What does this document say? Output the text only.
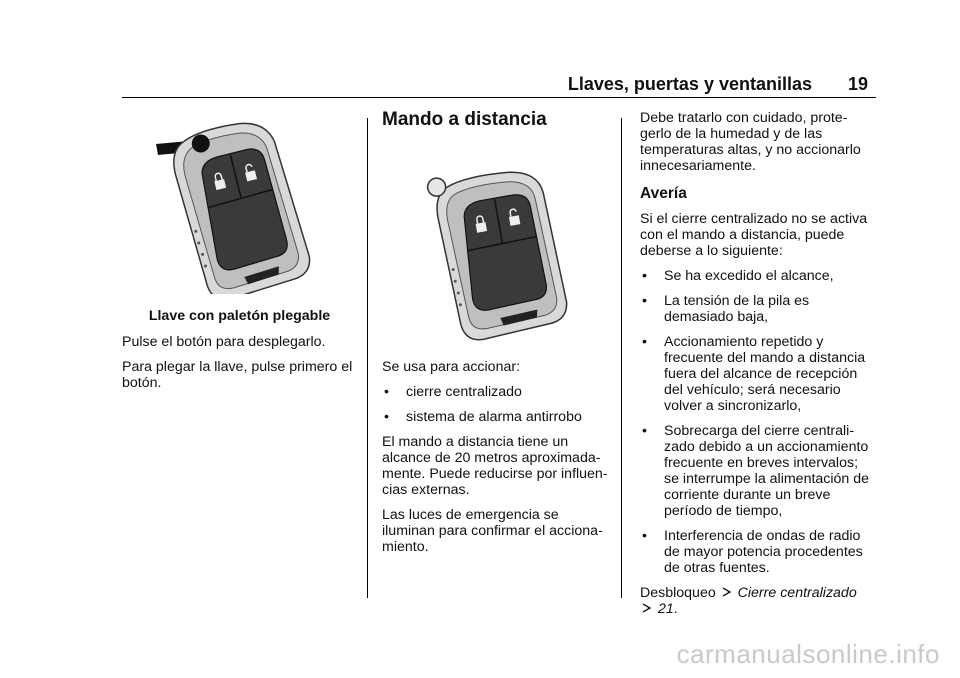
Llaves, puertas y ventanillas 19

Llave con paletón plegable

Pulse el botón para desplegarlo.

Para plegar la llave, pulse primero el botón.

Mando a distancia

Se usa para accionar:

• cierre centralizado
• sistema de alarma antirrobo

El mando a distancia tiene un alcance de 20 metros aproximada-mente. Puede reducirse por influen-cias externas.

Las luces de emergencia se iluminan para confirmar el acciona-miento.

Debe tratarlo con cuidado, prote-gerlo de la humedad y de las temperaturas altas, y no accionarlo innecesariamente.

Avería

Si el cierre centralizado no se activa con el mando a distancia, puede deberse a lo siguiente:

• Se ha excedido el alcance,
• La tensión de la pila es demasiado baja,
• Accionamiento repetido y frecuente del mando a distancia fuera del alcance de recepción del vehículo; será necesario volver a sincronizarlo,
• Sobrecarga del cierre centrali-zado debido a un accionamiento frecuente en breves intervalos; se interrumpe la alimentación de corriente durante un breve período de tiempo,
• Interferencia de ondas de radio de mayor potencia procedentes de otras fuentes.

Desbloqueo Cierre centralizado
21.

carmanualsonline.info
